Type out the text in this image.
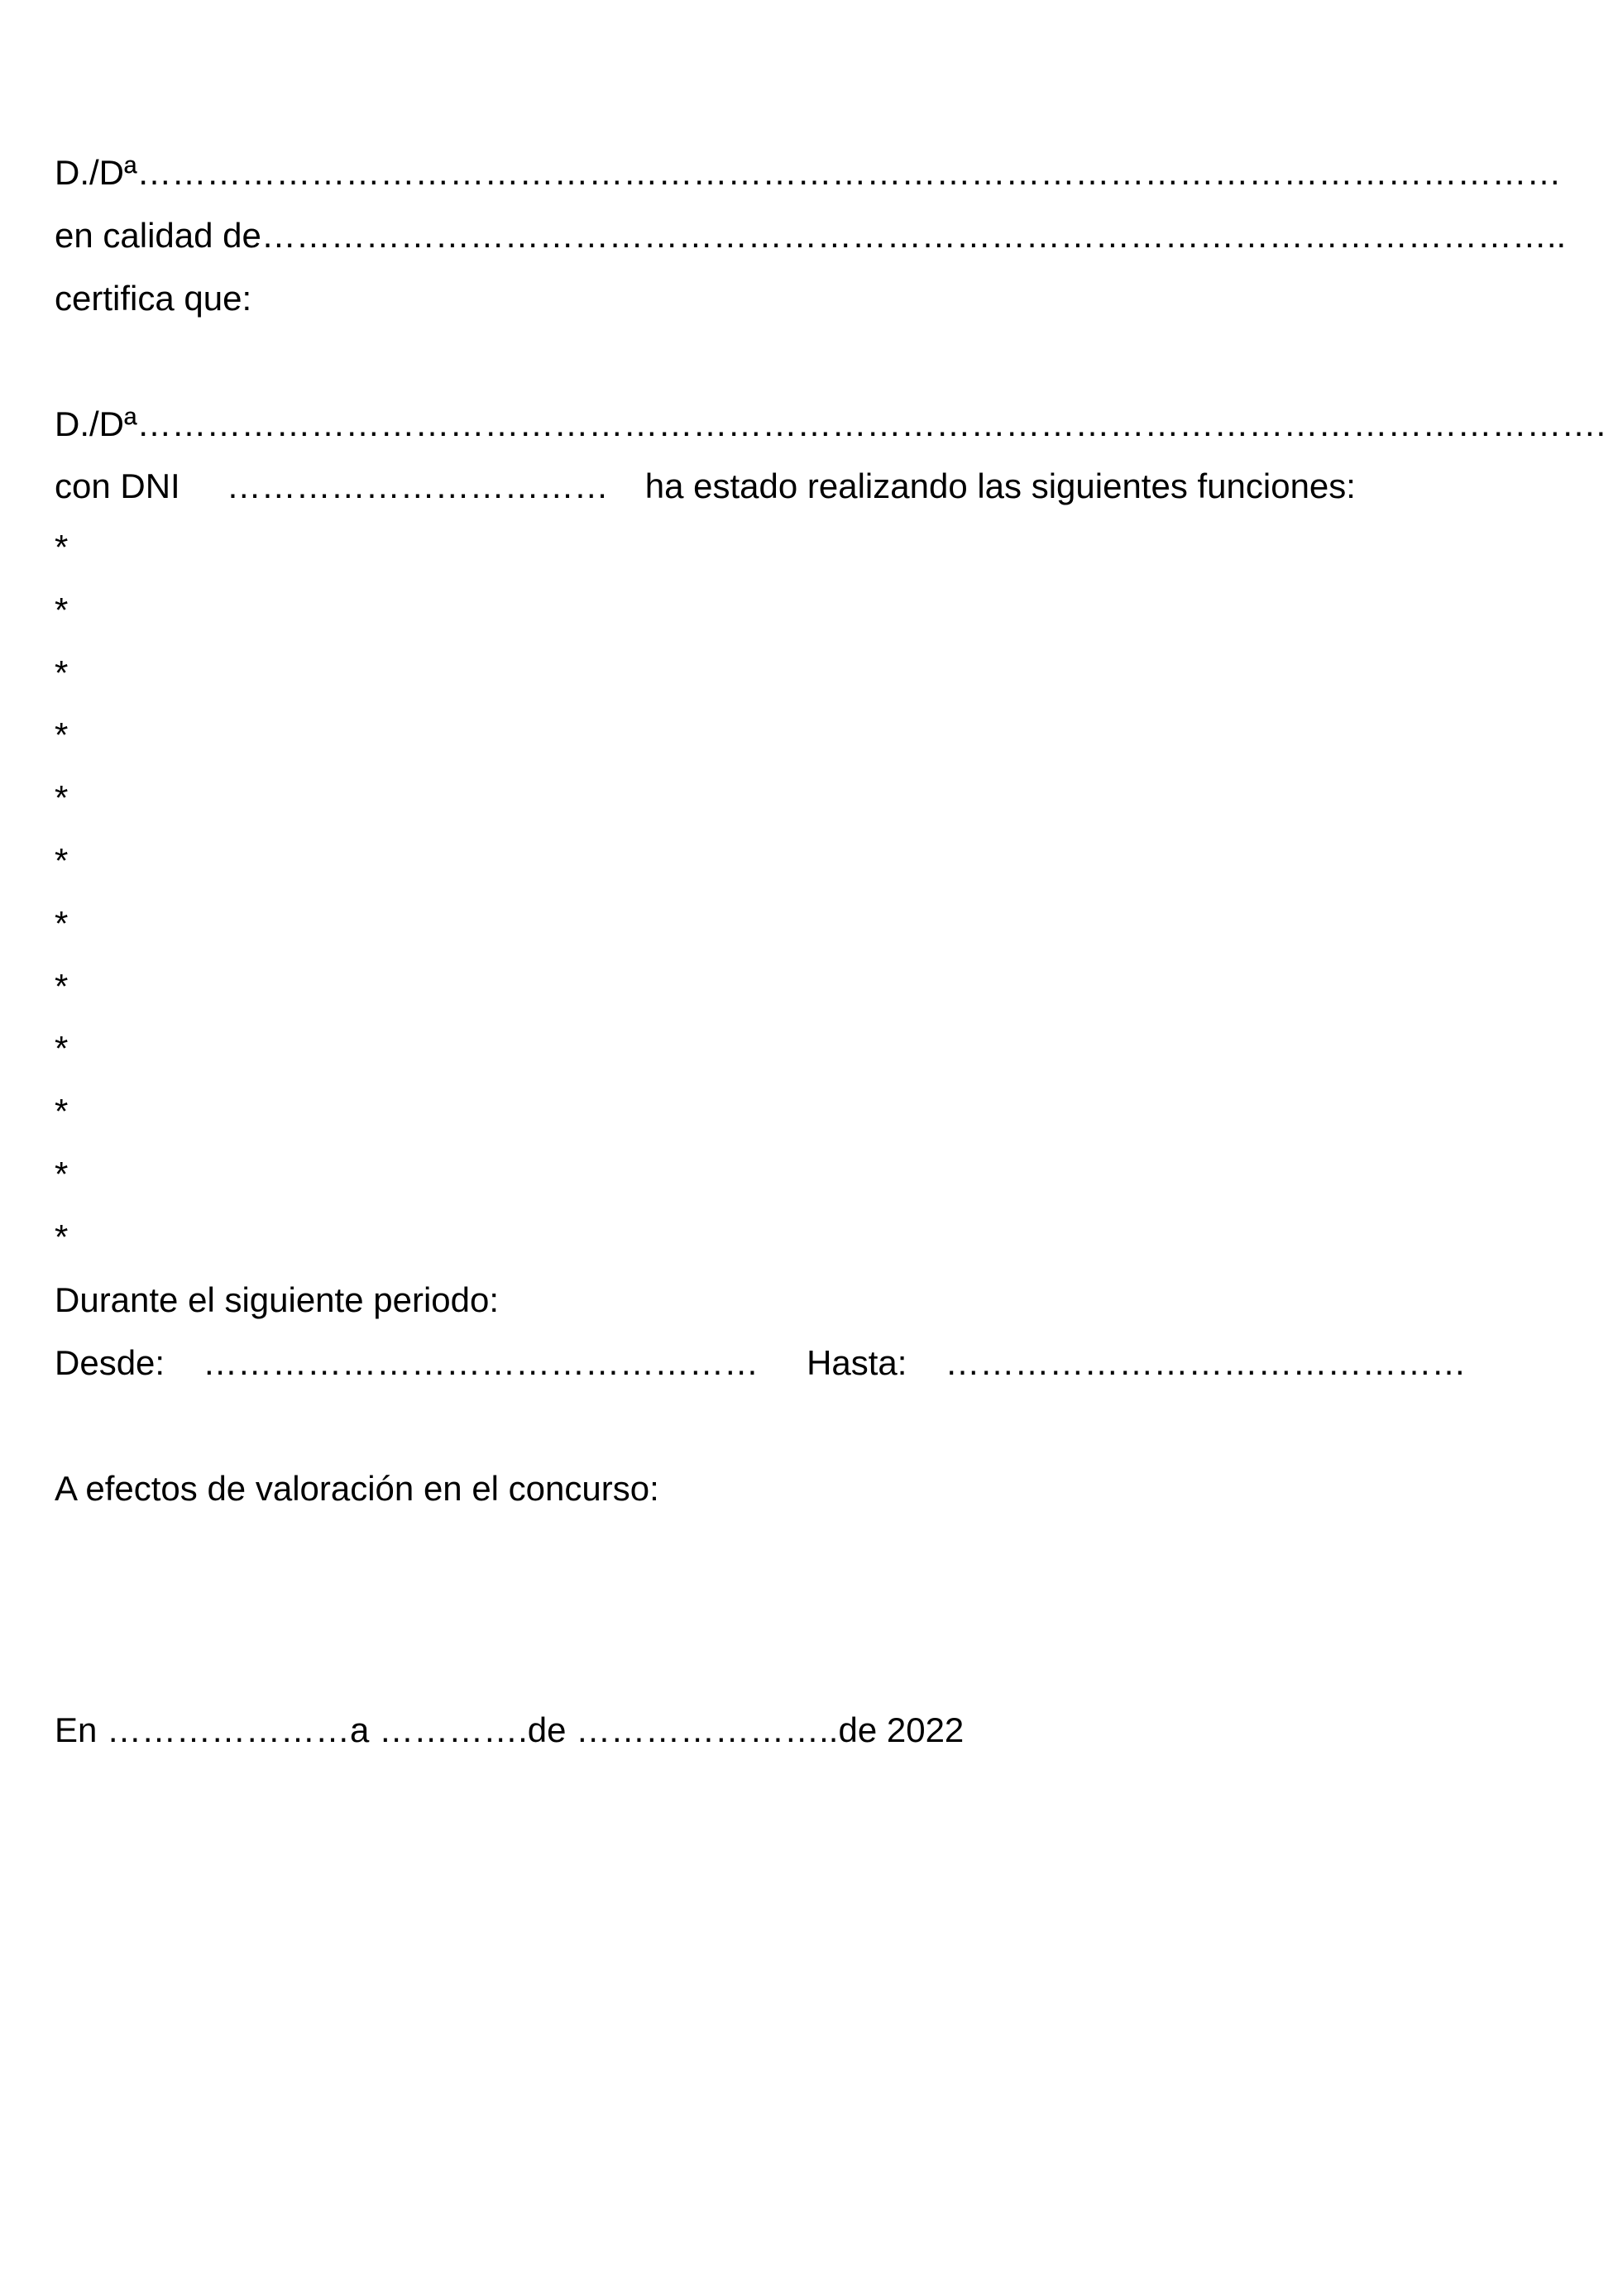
D./Dª……………………………………………………………………………………………………………
en calidad de…………………………………………………………………………………………………..
certifica que:
D./Dª……………………………………………………………………………………………………………….
con DNI …………………………… ha estado realizando las siguientes funciones:
*
*
*
*
*
*
*
*
*
*
*
*
Durante el siguiente periodo:
Desde: ………………………………………… Hasta: ………………………………………
A efectos de valoración en el concurso:
En …………………a ………….de …………………..de 2022
